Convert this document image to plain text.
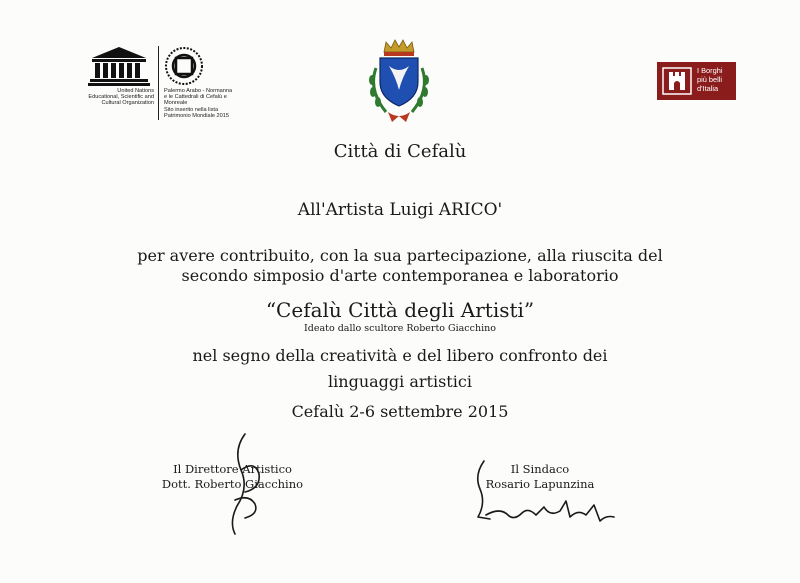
United Nations
Educational, Scientific and
Cultural Organization
Palermo Arabo - Normanna
e le Cattedrali di Cefalù e
Monreale
Sito inserito nella lista
Patrimonio Mondiale 2015
I Borghi
più belli
d'Italia
Città di Cefalù
All'Artista Luigi ARICO'
per avere contribuito, con la sua partecipazione, alla riuscita del
secondo simposio d'arte contemporanea e laboratorio
“Cefalù Città degli Artisti”
Ideato dallo scultore Roberto Giacchino
nel segno della creatività e del libero confronto dei
linguaggi artistici
Cefalù 2-6 settembre 2015
Il Direttore Artistico
Dott. Roberto Giacchino
Il Sindaco
Rosario Lapunzina
